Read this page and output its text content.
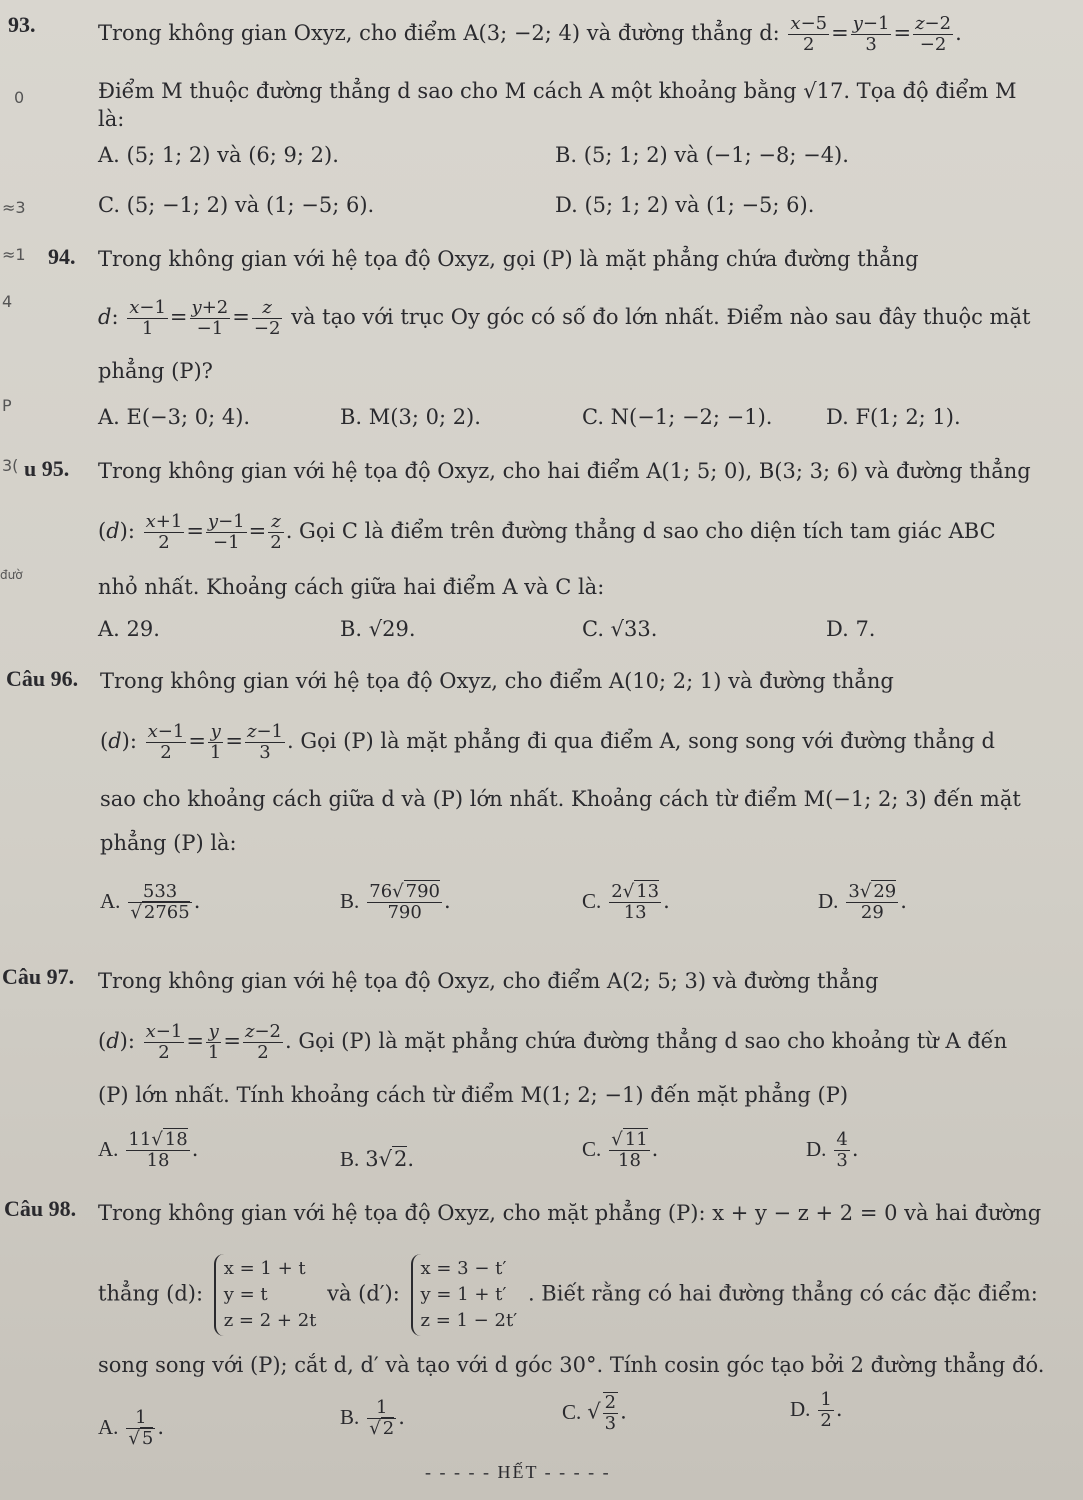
0
≈3
≈1
4
P
3(
đườ
93.	Trong không gian Oxyz, cho điểm A(3; −2; 4) và đường thẳng d: $\frac{x-5}{2} = \frac{y-1}{3} = \frac{z-2}{-2}$ .
Điểm M thuộc đường thẳng d sao cho M cách A một khoảng bằng √17. Tọa độ điểm M
là:
A. (5; 1; 2) và (6; 9; 2).	B. (5; 1; 2) và (−1; −8; −4).
C. (5; −1; 2) và (1; −5; 6).	D. (5; 1; 2) và (1; −5; 6).
94. Trong không gian với hệ tọa độ Oxyz, gọi (P) là mặt phẳng chứa đường thẳng
d: $\frac{x-1}{1} = \frac{y+2}{-1} = \frac{z}{-2}$ và tạo với trục Oy góc có số đo lớn nhất. Điểm nào sau đây thuộc mặt
phẳng (P)?
A. E(−3; 0; 4).	B. M(3; 0; 2).	C. N(−1; −2; −1).	D. F(1; 2; 1).
u 95. Trong không gian với hệ tọa độ Oxyz, cho hai điểm A(1; 5; 0), B(3; 3; 6) và đường thẳng
(d): $\frac{x+1}{2} = \frac{y-1}{-1} = \frac{z}{2}$ . Gọi C là điểm trên đường thẳng d sao cho diện tích tam giác ABC
nhỏ nhất. Khoảng cách giữa hai điểm A và C là:
A. 29.	B. √29.	C. √33.	D. 7.
Câu 96. Trong không gian với hệ tọa độ Oxyz, cho điểm A(10; 2; 1) và đường thẳng
(d): $\frac{x-1}{2} = \frac{y}{1} = \frac{z-1}{3}$ . Gọi (P) là mặt phẳng đi qua điểm A, song song với đường thẳng d
sao cho khoảng cách giữa d và (P) lớn nhất. Khoảng cách từ điểm M(−1; 2; 3) đến mặt
phẳng (P) là:
A. $\frac{533}{√ 2765}$ .	B. $\frac{76√ 790}{790}$ .	C. $\frac{2√ 13}{13}$ .	D. $\frac{3√ 29}{29}$ .
Câu 97. Trong không gian với hệ tọa độ Oxyz, cho điểm A(2; 5; 3) và đường thẳng
(d): $\frac{x-1}{2} = \frac{y}{1} = \frac{z-2}{2}$ . Gọi (P) là mặt phẳng chứa đường thẳng d sao cho khoảng từ A đến
(P) lớn nhất. Tính khoảng cách từ điểm M(1; 2; −1) đến mặt phẳng (P)
A. $\frac{11√ 18}{18}$ .	B. 3√2.	C. $\frac{√ 11}{18}$ .	D. $\frac{4}{3}$ .
Câu 98. Trong không gian với hệ tọa độ Oxyz, cho mặt phẳng (P): x + y − z + 2 = 0 và hai đường
thẳng (d):
x = 1 + t
y = t
z = 2 + 2t
và (d′):
x = 3 − t′
y = 1 + t′
z = 1 − 2t′
. Biết rằng có hai đường thẳng có các đặc điểm:
song song với (P); cắt d, d′ và tạo với d góc 30°. Tính cosin góc tạo bởi 2 đường thẳng đó.
A. $\frac{1}{√ 5}$ .	B. $\frac{1}{√ 2}$ .	C. √ $\frac{2}{3}$ .	D. $\frac{1}{2}$ .
- - - - - HẾT - - - - -
